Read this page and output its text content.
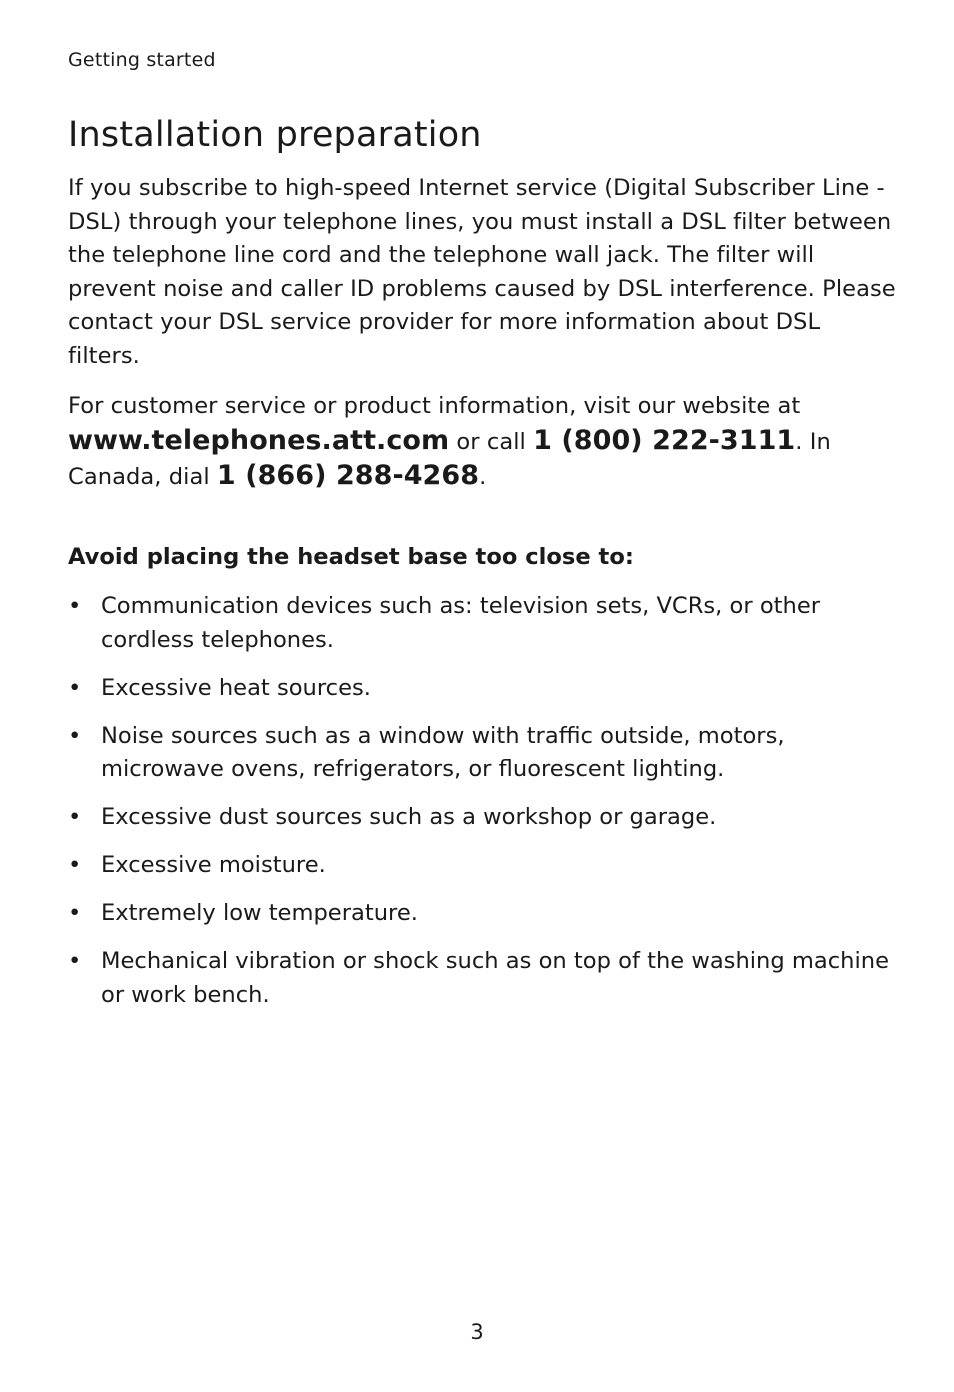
Getting started
Installation preparation

If you subscribe to high-speed Internet service (Digital Subscriber Line - DSL) through your telephone lines, you must install a DSL filter between the telephone line cord and the telephone wall jack. The filter will prevent noise and caller ID problems caused by DSL interference. Please contact your DSL service provider for more information about DSL filters.

For customer service or product information, visit our website at www.telephones.att.com or call 1 (800) 222-3111. In Canada, dial 1 (866) 288-4268.

Avoid placing the headset base too close to:
• Communication devices such as: television sets, VCRs, or other cordless telephones.
• Excessive heat sources.
• Noise sources such as a window with traffic outside, motors, microwave ovens, refrigerators, or fluorescent lighting.
• Excessive dust sources such as a workshop or garage.
• Excessive moisture.
• Extremely low temperature.
• Mechanical vibration or shock such as on top of the washing machine or work bench.
3
